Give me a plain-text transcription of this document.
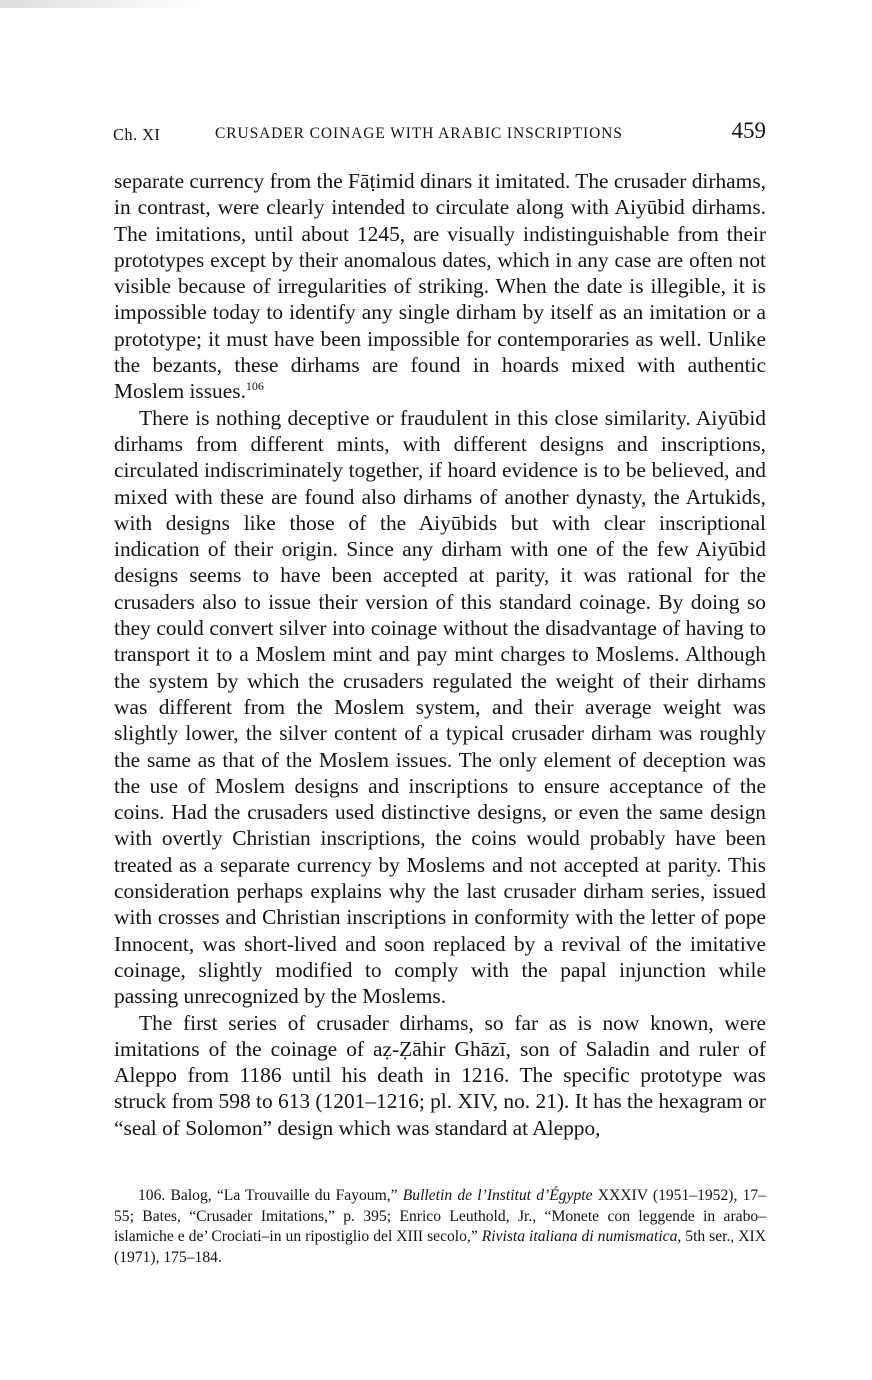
Ch. XI	CRUSADER COINAGE WITH ARABIC INSCRIPTIONS	459

separate currency from the Fāṭimid dinars it imitated. The crusader dirhams, in contrast, were clearly intended to circulate along with Aiyūbid dirhams. The imitations, until about 1245, are visually indistinguishable from their prototypes except by their anomalous dates, which in any case are often not visible because of irregularities of striking. When the date is illegible, it is impossible today to identify any single dirham by itself as an imitation or a prototype; it must have been impossible for contemporaries as well. Unlike the bezants, these dirhams are found in hoards mixed with authentic Moslem issues.$^{106}$

There is nothing deceptive or fraudulent in this close similarity. Aiyūbid dirhams from different mints, with different designs and inscriptions, circulated indiscriminately together, if hoard evidence is to be believed, and mixed with these are found also dirhams of another dynasty, the Artukids, with designs like those of the Aiyūbids but with clear inscriptional indication of their origin. Since any dirham with one of the few Aiyūbid designs seems to have been accepted at parity, it was rational for the crusaders also to issue their version of this standard coinage. By doing so they could convert silver into coinage without the disadvantage of having to transport it to a Moslem mint and pay mint charges to Moslems. Although the system by which the crusaders regulated the weight of their dirhams was different from the Moslem system, and their average weight was slightly lower, the silver content of a typical crusader dirham was roughly the same as that of the Moslem issues. The only element of deception was the use of Moslem designs and inscriptions to ensure acceptance of the coins. Had the crusaders used distinctive designs, or even the same design with overtly Christian inscriptions, the coins would probably have been treated as a separate currency by Moslems and not accepted at parity. This consideration perhaps explains why the last crusader dirham series, issued with crosses and Christian inscriptions in conformity with the letter of pope Innocent, was short-lived and soon replaced by a revival of the imitative coinage, slightly modified to comply with the papal injunction while passing unrecognized by the Moslems.

The first series of crusader dirhams, so far as is now known, were imitations of the coinage of aẓ-Ẓāhir Ghāzī, son of Saladin and ruler of Aleppo from 1186 until his death in 1216. The specific prototype was struck from 598 to 613 (1201–1216; pl. XIV, no. 21). It has the hexagram or “seal of Solomon” design which was standard at Aleppo,

106. Balog, “La Trouvaille du Fayoum,” Bulletin de l’Institut d’Égypte XXXIV (1951–1952), 17–55; Bates, “Crusader Imitations,” p. 395; Enrico Leuthold, Jr., “Monete con leggende in arabo–islamiche e de’ Crociati–in un ripostiglio del XIII secolo,” Rivista italiana di numismatica, 5th ser., XIX (1971), 175–184.
